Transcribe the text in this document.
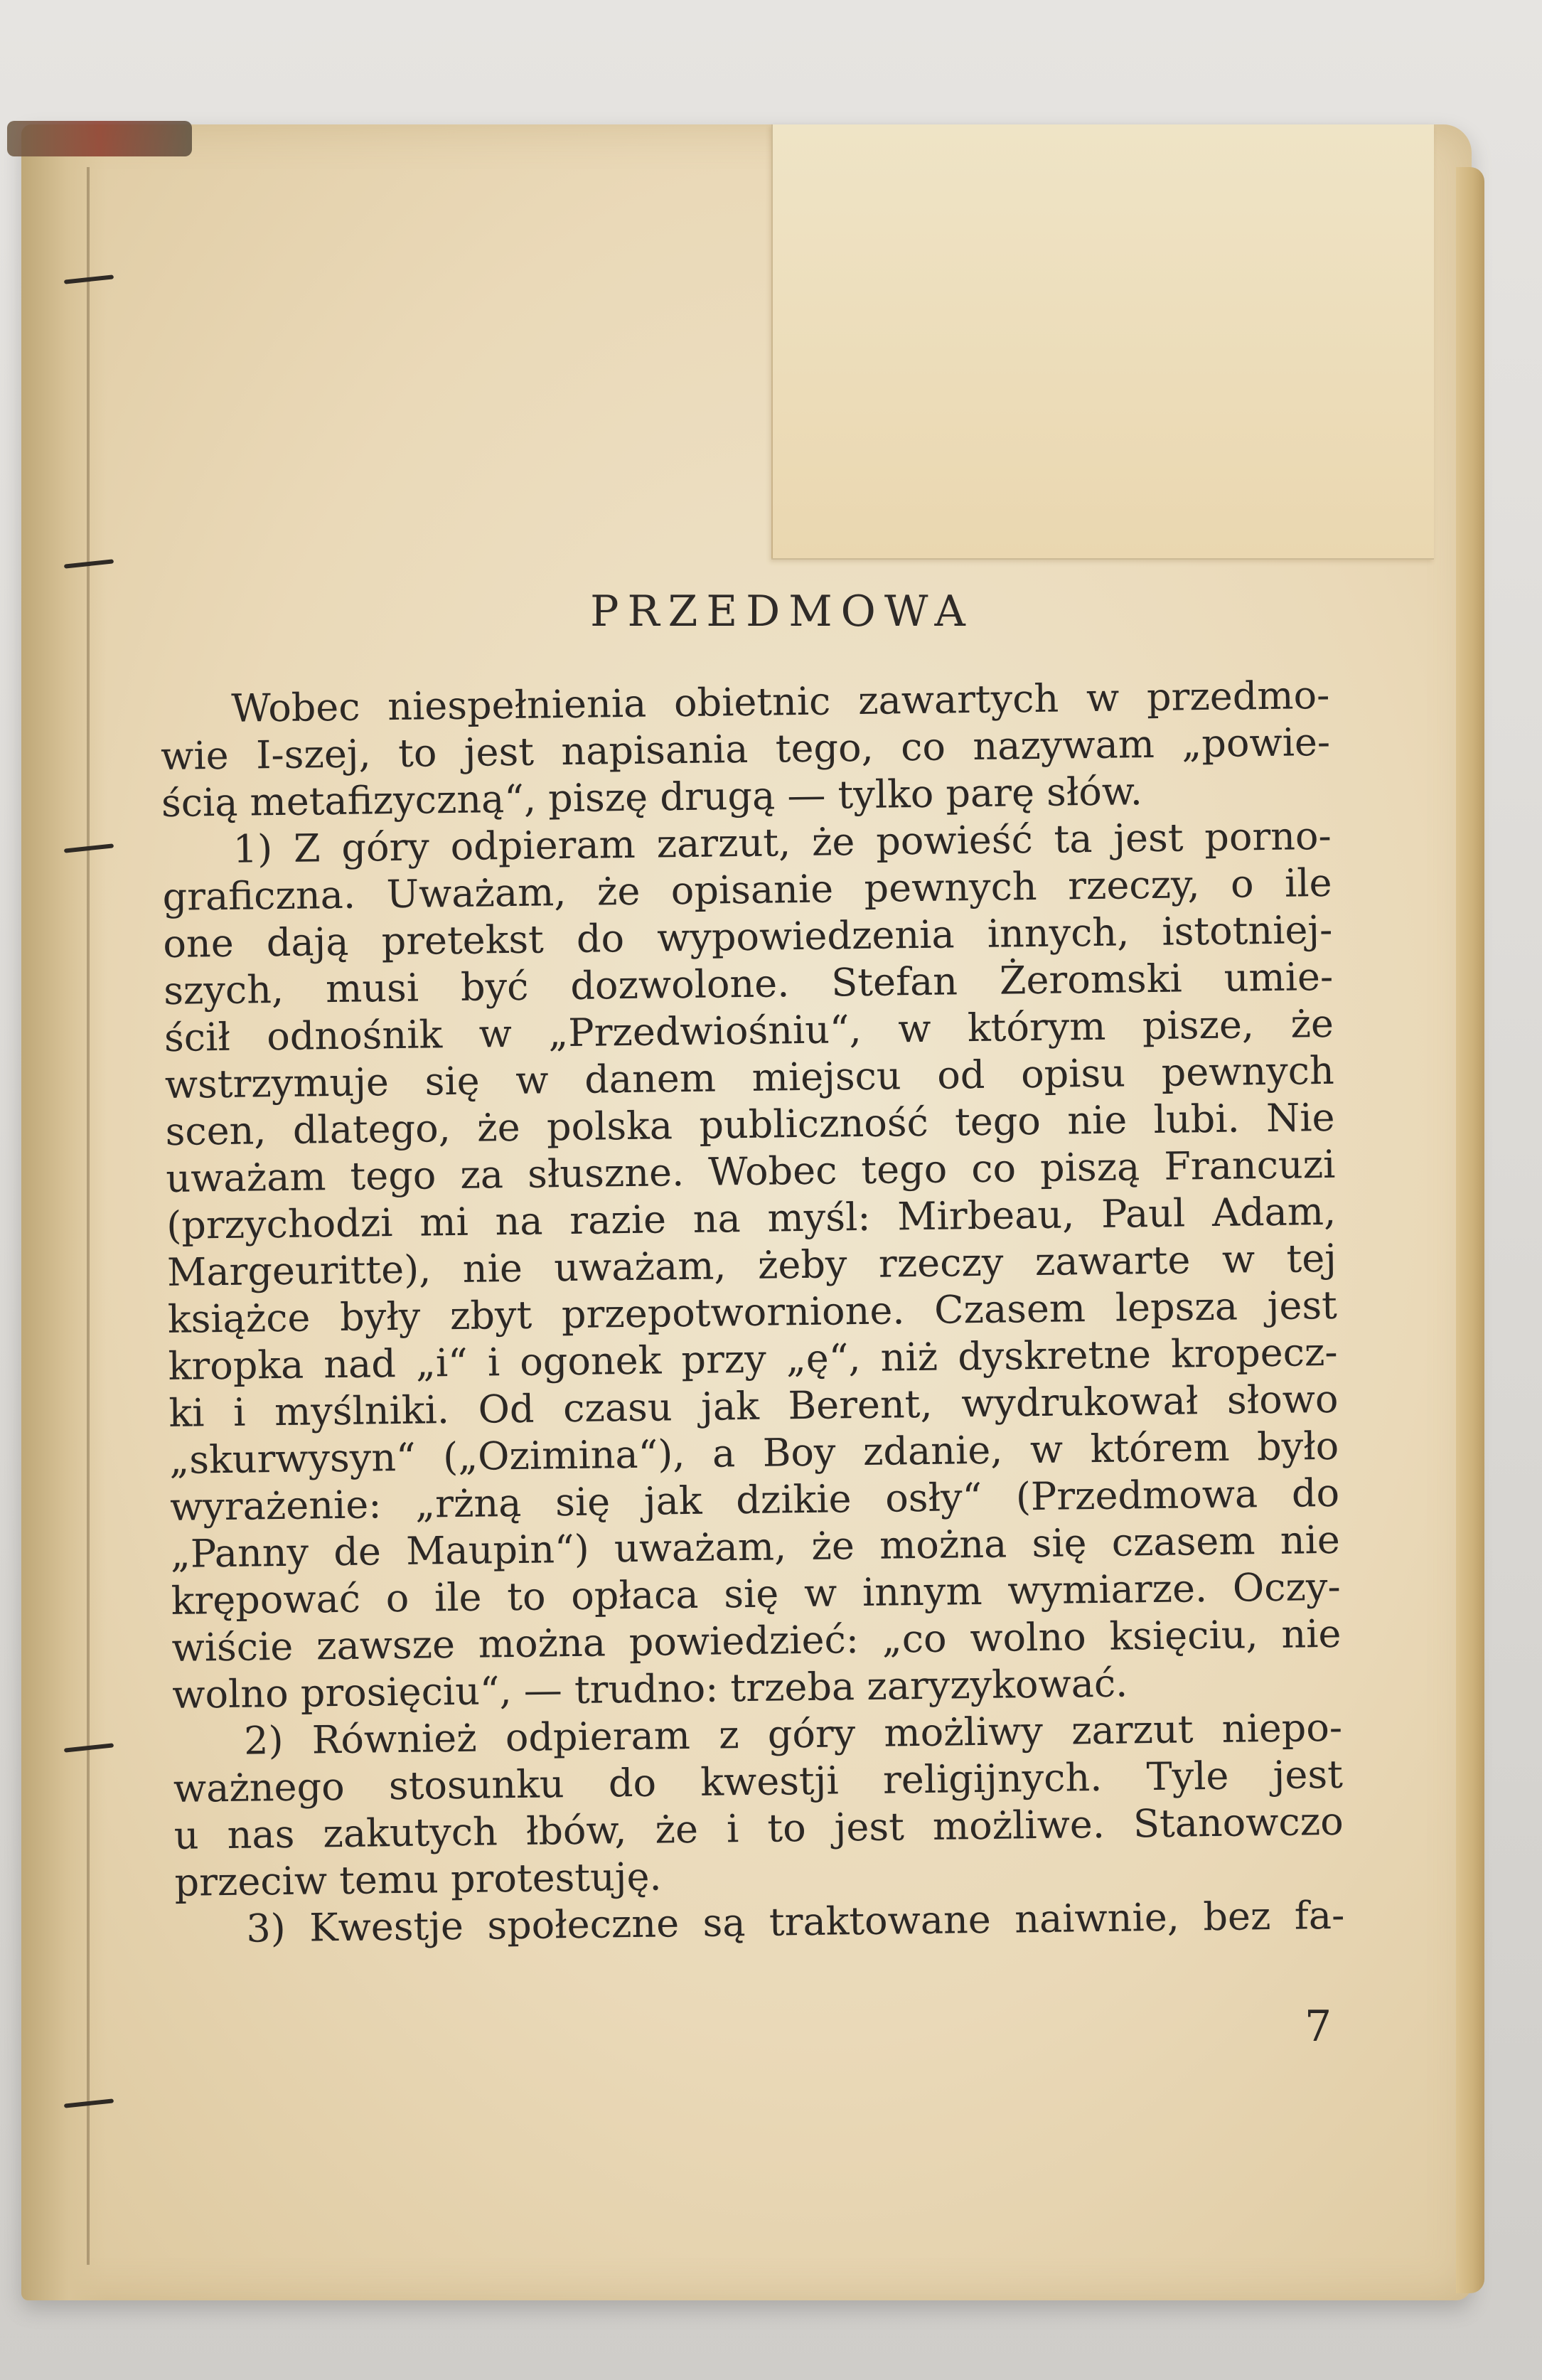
PRZEDMOWA
Wobec niespełnienia obietnic zawartych w przedmo-
wie I-szej, to jest napisania tego, co nazywam „powie-
ścią metafizyczną“, piszę drugą — tylko parę słów.
1) Z góry odpieram zarzut, że powieść ta jest porno-
graficzna. Uważam, że opisanie pewnych rzeczy, o ile
one dają pretekst do wypowiedzenia innych, istotniej-
szych, musi być dozwolone. Stefan Żeromski umie-
ścił odnośnik w „Przedwiośniu“, w którym pisze, że
wstrzymuje się w danem miejscu od opisu pewnych
scen, dlatego, że polska publiczność tego nie lubi. Nie
uważam tego za słuszne. Wobec tego co piszą Francuzi
(przychodzi mi na razie na myśl: Mirbeau, Paul Adam,
Margeuritte), nie uważam, żeby rzeczy zawarte w tej
książce były zbyt przepotwornione. Czasem lepsza jest
kropka nad „i“ i ogonek przy „ę“, niż dyskretne kropecz-
ki i myślniki. Od czasu jak Berent, wydrukował słowo
„skurwysyn“ („Ozimina“), a Boy zdanie, w którem było
wyrażenie: „rżną się jak dzikie osły“ (Przedmowa do
„Panny de Maupin“) uważam, że można się czasem nie
krępować o ile to opłaca się w innym wymiarze. Oczy-
wiście zawsze można powiedzieć: „co wolno księciu, nie
wolno prosięciu“, — trudno: trzeba zaryzykować.
2) Również odpieram z góry możliwy zarzut niepo-
ważnego stosunku do kwestji religijnych. Tyle jest
u nas zakutych łbów, że i to jest możliwe. Stanowczo
przeciw temu protestuję.
3) Kwestje społeczne są traktowane naiwnie, bez fa-
7
